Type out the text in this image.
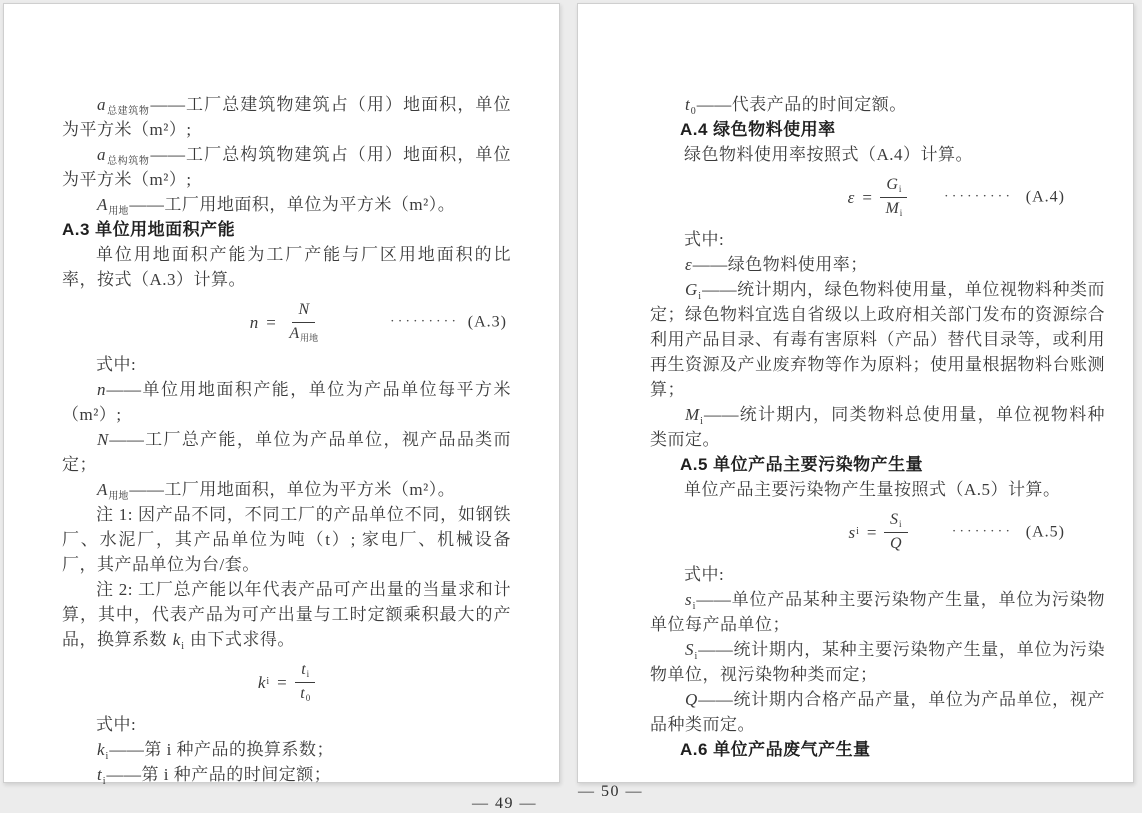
$a_{总建筑物}——$工厂总建筑物建筑占（用）地面积，单位为平方米（m²）;
$a_{总构筑物}——$工厂总构筑物建筑占（用）地面积，单位为平方米（m²）;
$A_{用地}——$工厂用地面积，单位为平方米（m²）。
A.3 单位用地面积产能
单位用地面积产能为工厂产能与厂区用地面积的比率，按式（A.3）计算。
$n = \frac{N}{A_{用地}}$	········· (A.3)
式中:
n——单位用地面积产能，单位为产品单位每平方米（m²）;
N——工厂总产能，单位为产品单位，视产品品类而定；
$A_{用地}——$工厂用地面积，单位为平方米（m²）。
注 1: 因产品不同，不同工厂的产品单位不同，如钢铁厂、水泥厂，其产品单位为吨（t）; 家电厂、机械设备厂，其产品单位为台/套。
注 2: 工厂总产能以年代表产品可产出量的当量求和计算，其中，代表产品为可产出量与工时定额乘积最大的产品，换算系数 $k_i$ 由下式求得。
k $i = \frac{t_i}{t_0}$
式中:
$k_i——$第 i 种产品的换算系数；
$t_i——$第 i 种产品的时间定额；
— 49 —
$t_0——$代表产品的时间定额。
A.4 绿色物料使用率
绿色物料使用率按照式（A.4）计算。
$\varepsilon = \frac{G_i}{M_i}$	········· (A.4)
式中:
ε——绿色物料使用率；
$G_i——$统计期内，绿色物料使用量，单位视物料种类而定；绿色物料宜选自省级以上政府相关部门发布的资源综合利用产品目录、有毒有害原料（产品）替代目录等，或利用再生资源及产业废弃物等作为原料；使用量根据物料台账测算；
$M_i——$统计期内，同类物料总使用量，单位视物料种类而定。
A.5 单位产品主要污染物产生量
单位产品主要污染物产生量按照式（A.5）计算。
s $i = \frac{S_i}{Q}$	········ (A.5)
式中:
$s_i——$单位产品某种主要污染物产生量，单位为污染物单位每产品单位；
$S_i——$统计期内，某种主要污染物产生量，单位为污染物单位，视污染物种类而定；
Q——统计期内合格产品产量，单位为产品单位，视产品种类而定。
A.6 单位产品废气产生量
— 50 —
